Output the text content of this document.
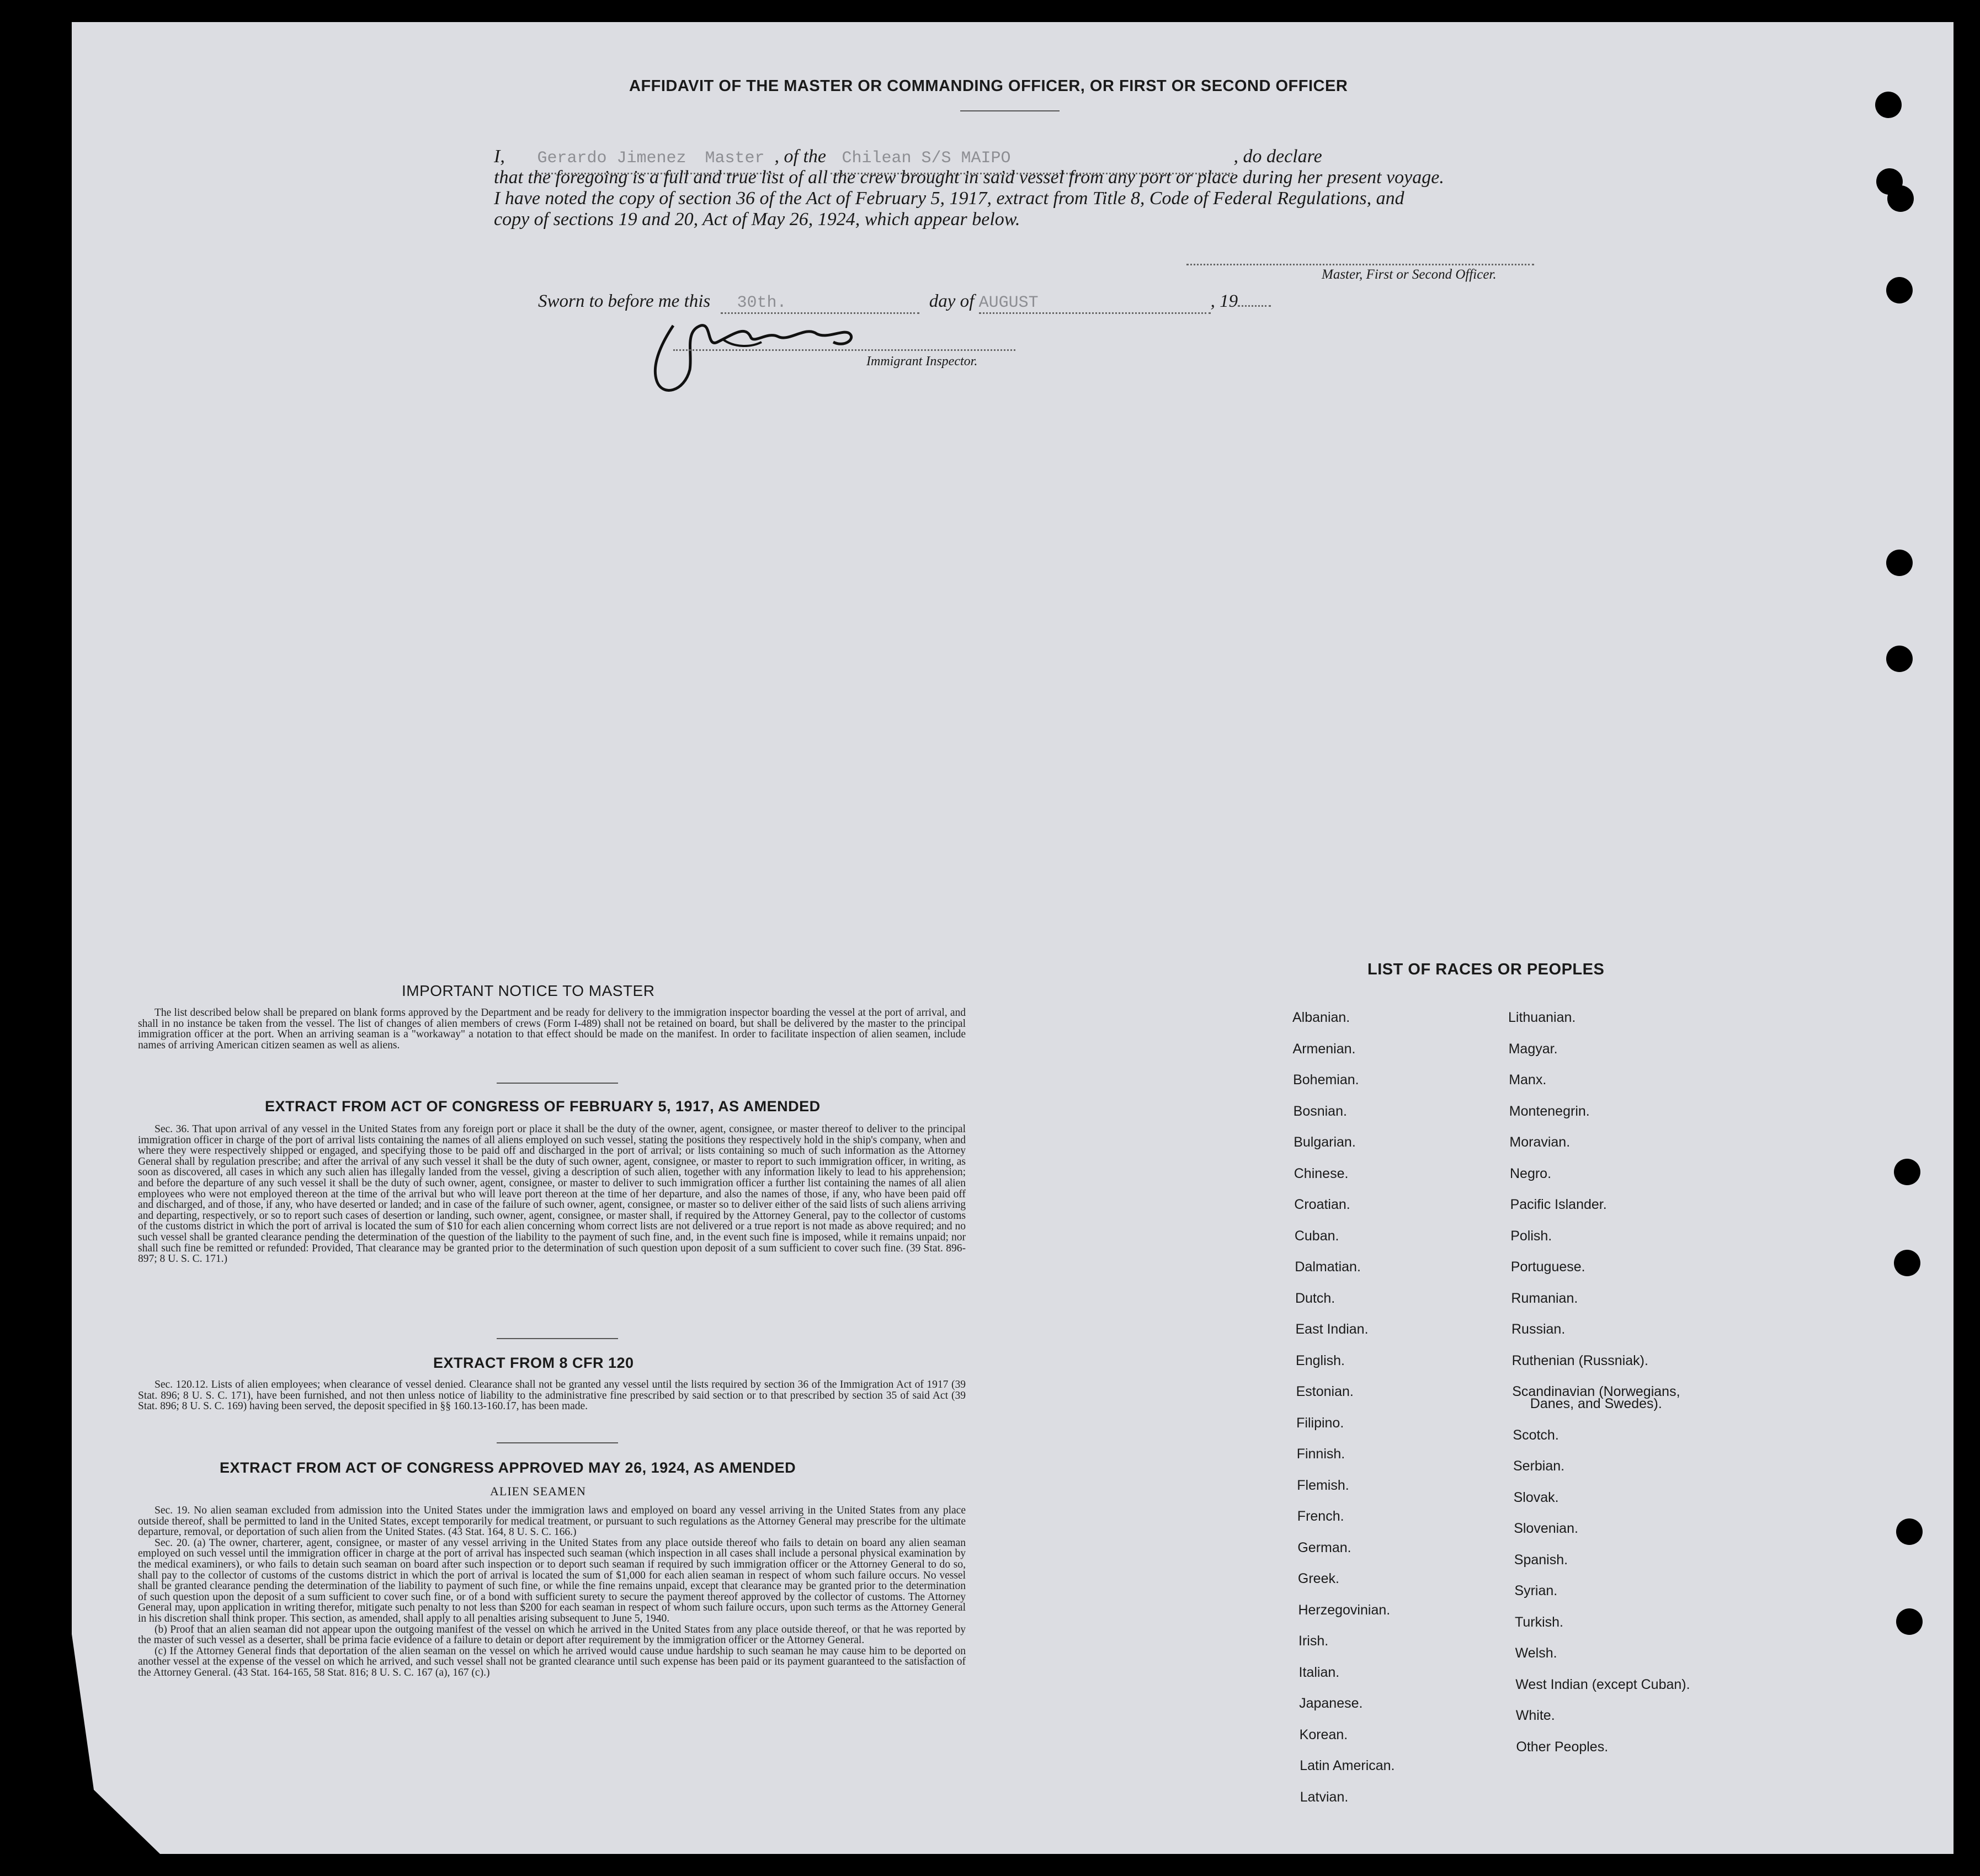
AFFIDAVIT OF THE MASTER OR COMMANDING OFFICER, OR FIRST OR SECOND OFFICER
I, Gerardo Jimenez Master , of the Chilean S/S MAIPO	, do declare
that the foregoing is a full and true list of all the crew brought in said vessel from any port or place during her present voyage.
I have noted the copy of section 36 of the Act of February 5, 1917, extract from Title 8, Code of Federal Regulations, and
copy of sections 19 and 20, Act of May 26, 1924, which appear below.
Master, First or Second Officer.
Sworn to before me this 30th.	day of AUGUST	, 19
Immigrant Inspector.
IMPORTANT NOTICE TO MASTER

The list described below shall be prepared on blank forms approved by the Department and be ready for delivery to the immigration inspector boarding the vessel at the port of arrival, and shall in no instance be taken from the vessel. The list of changes of alien members of crews (Form I-489) shall not be retained on board, but shall be delivered by the master to the principal immigration officer at the port. When an arriving seaman is a "workaway" a notation to that effect should be made on the manifest. In order to facilitate inspection of alien seamen, include names of arriving American citizen seamen as well as aliens.

EXTRACT FROM ACT OF CONGRESS OF FEBRUARY 5, 1917, AS AMENDED

Sec. 36. That upon arrival of any vessel in the United States from any foreign port or place it shall be the duty of the owner, agent, consignee, or master thereof to deliver to the principal immigration officer in charge of the port of arrival lists containing the names of all aliens employed on such vessel, stating the positions they respectively hold in the ship's company, when and where they were respectively shipped or engaged, and specifying those to be paid off and discharged in the port of arrival; or lists containing so much of such information as the Attorney General shall by regulation prescribe; and after the arrival of any such vessel it shall be the duty of such owner, agent, consignee, or master to report to such immigration officer, in writing, as soon as discovered, all cases in which any such alien has illegally landed from the vessel, giving a description of such alien, together with any information likely to lead to his apprehension; and before the departure of any such vessel it shall be the duty of such owner, agent, consignee, or master to deliver to such immigration officer a further list containing the names of all alien employees who were not employed thereon at the time of the arrival but who will leave port thereon at the time of her departure, and also the names of those, if any, who have been paid off and discharged, and of those, if any, who have deserted or landed; and in case of the failure of such owner, agent, consignee, or master so to deliver either of the said lists of such aliens arriving and departing, respectively, or so to report such cases of desertion or landing, such owner, agent, consignee, or master shall, if required by the Attorney General, pay to the collector of customs of the customs district in which the port of arrival is located the sum of $10 for each alien concerning whom correct lists are not delivered or a true report is not made as above required; and no such vessel shall be granted clearance pending the determination of the question of the liability to the payment of such fine, and, in the event such fine is imposed, while it remains unpaid; nor shall such fine be remitted or refunded: Provided, That clearance may be granted prior to the determination of such question upon deposit of a sum sufficient to cover such fine. (39 Stat. 896-897; 8 U. S. C. 171.)

EXTRACT FROM 8 CFR 120

Sec. 120.12. Lists of alien employees; when clearance of vessel denied. Clearance shall not be granted any vessel until the lists required by section 36 of the Immigration Act of 1917 (39 Stat. 896; 8 U. S. C. 171), have been furnished, and not then unless notice of liability to the administrative fine prescribed by said section or to that prescribed by section 35 of said Act (39 Stat. 896; 8 U. S. C. 169) having been served, the deposit specified in §§ 160.13-160.17, has been made.

EXTRACT FROM ACT OF CONGRESS APPROVED MAY 26, 1924, AS AMENDED
ALIEN SEAMEN

Sec. 19. No alien seaman excluded from admission into the United States under the immigration laws and employed on board any vessel arriving in the United States from any place outside thereof, shall be permitted to land in the United States, except temporarily for medical treatment, or pursuant to such regulations as the Attorney General may prescribe for the ultimate departure, removal, or deportation of such alien from the United States. (43 Stat. 164, 8 U. S. C. 166.)

Sec. 20. (a) The owner, charterer, agent, consignee, or master of any vessel arriving in the United States from any place outside thereof who fails to detain on board any alien seaman employed on such vessel until the immigration officer in charge at the port of arrival has inspected such seaman (which inspection in all cases shall include a personal physical examination by the medical examiners), or who fails to detain such seaman on board after such inspection or to deport such seaman if required by such immigration officer or the Attorney General to do so, shall pay to the collector of customs of the customs district in which the port of arrival is located the sum of $1,000 for each alien seaman in respect of whom such failure occurs. No vessel shall be granted clearance pending the determination of the liability to payment of such fine, or while the fine remains unpaid, except that clearance may be granted prior to the determination of such question upon the deposit of a sum sufficient to cover such fine, or of a bond with sufficient surety to secure the payment thereof approved by the collector of customs. The Attorney General may, upon application in writing therefor, mitigate such penalty to not less than $200 for each seaman in respect of whom such failure occurs, upon such terms as the Attorney General in his discretion shall think proper. This section, as amended, shall apply to all penalties arising subsequent to June 5, 1940.

(b) Proof that an alien seaman did not appear upon the outgoing manifest of the vessel on which he arrived in the United States from any place outside thereof, or that he was reported by the master of such vessel as a deserter, shall be prima facie evidence of a failure to detain or deport after requirement by the immigration officer or the Attorney General.

(c) If the Attorney General finds that deportation of the alien seaman on the vessel on which he arrived would cause undue hardship to such seaman he may cause him to be deported on another vessel at the expense of the vessel on which he arrived, and such vessel shall not be granted clearance until such expense has been paid or its payment guaranteed to the satisfaction of the Attorney General. (43 Stat. 164-165, 58 Stat. 816; 8 U. S. C. 167 (a), 167 (c).)

LIST OF RACES OR PEOPLES
Albanian.
Armenian.
Bohemian.
Bosnian.
Bulgarian.
Chinese.
Croatian.
Cuban.
Dalmatian.
Dutch.
East Indian.
English.
Estonian.
Filipino.
Finnish.
Flemish.
French.
German.
Greek.
Herzegovinian.
Irish.
Italian.
Japanese.
Korean.
Latin American.
Latvian.
Lithuanian.
Magyar.
Manx.
Montenegrin.
Moravian.
Negro.
Pacific Islander.
Polish.
Portuguese.
Rumanian.
Russian.
Ruthenian (Russniak).
Scandinavian (Norwegians,
Danes, and Swedes).
Scotch.
Serbian.
Slovak.
Slovenian.
Spanish.
Syrian.
Turkish.
Welsh.
West Indian (except Cuban).
White.
Other Peoples.
